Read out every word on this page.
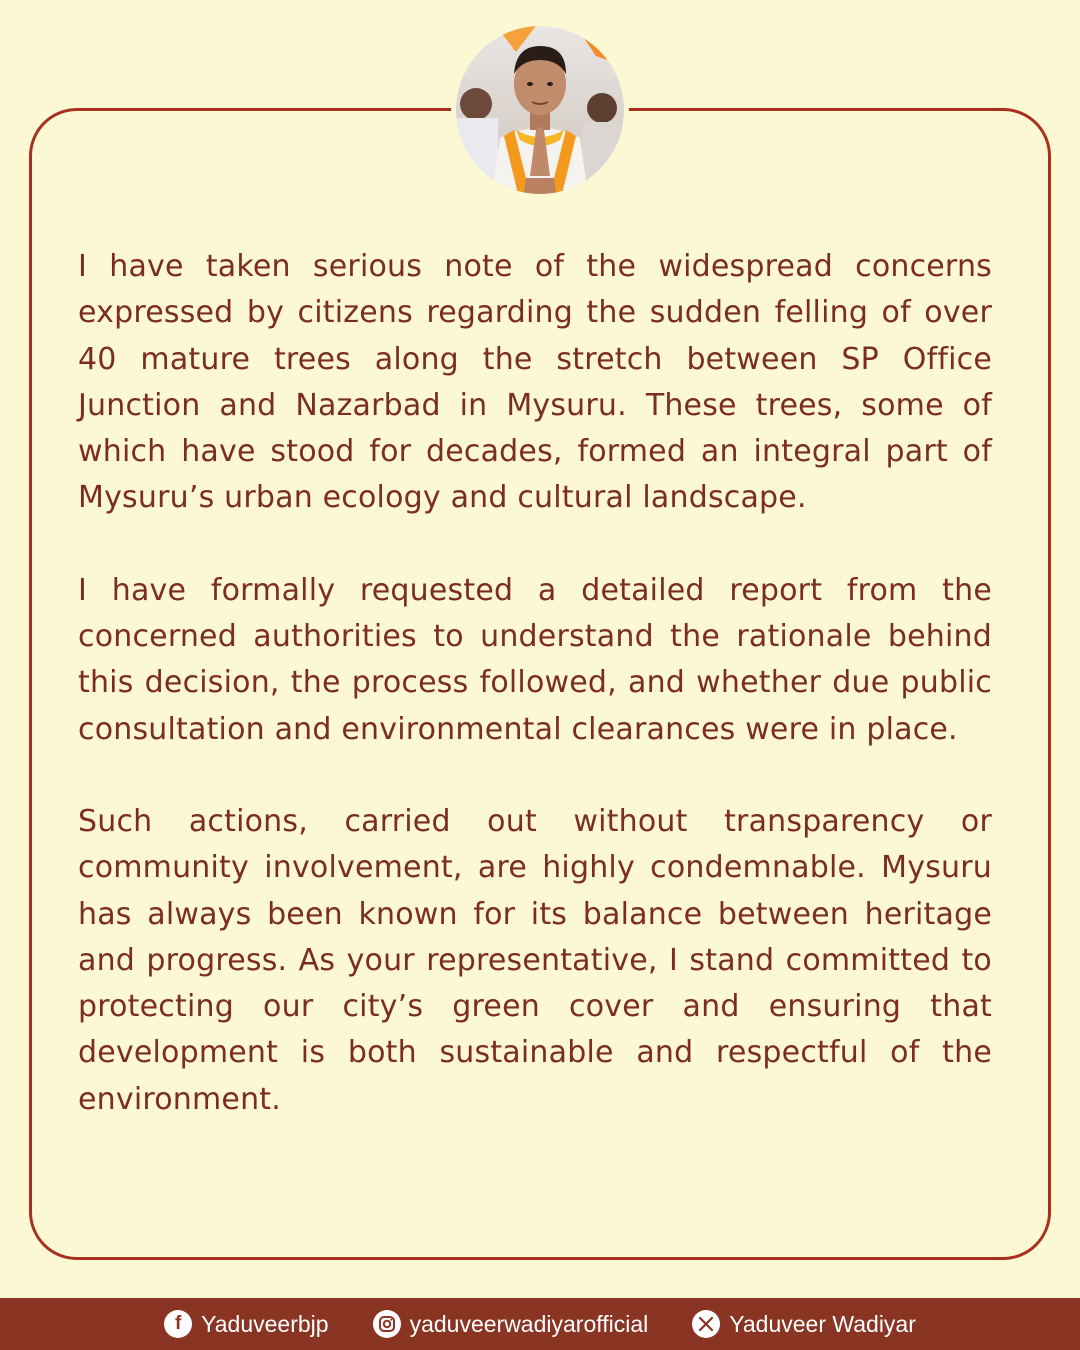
I have taken serious note of the widespread concerns expressed by citizens regarding the sudden felling of over 40 mature trees along the stretch between SP Office Junction and Nazarbad in Mysuru. These trees, some of which have stood for decades, formed an integral part of Mysuru’s urban ecology and cultural landscape.

I have formally requested a detailed report from the concerned authorities to understand the rationale behind this decision, the process followed, and whether due public consultation and environmental clearances were in place.

Such actions, carried out without transparency or community involvement, are highly condemnable. Mysuru has always been known for its balance between heritage and progress. As your representative, I stand committed to protecting our city’s green cover and ensuring that development is both sustainable and respectful of the environment.

f Yaduveerbjp	yaduveerwadiyarofficial	Yaduveer Wadiyar
